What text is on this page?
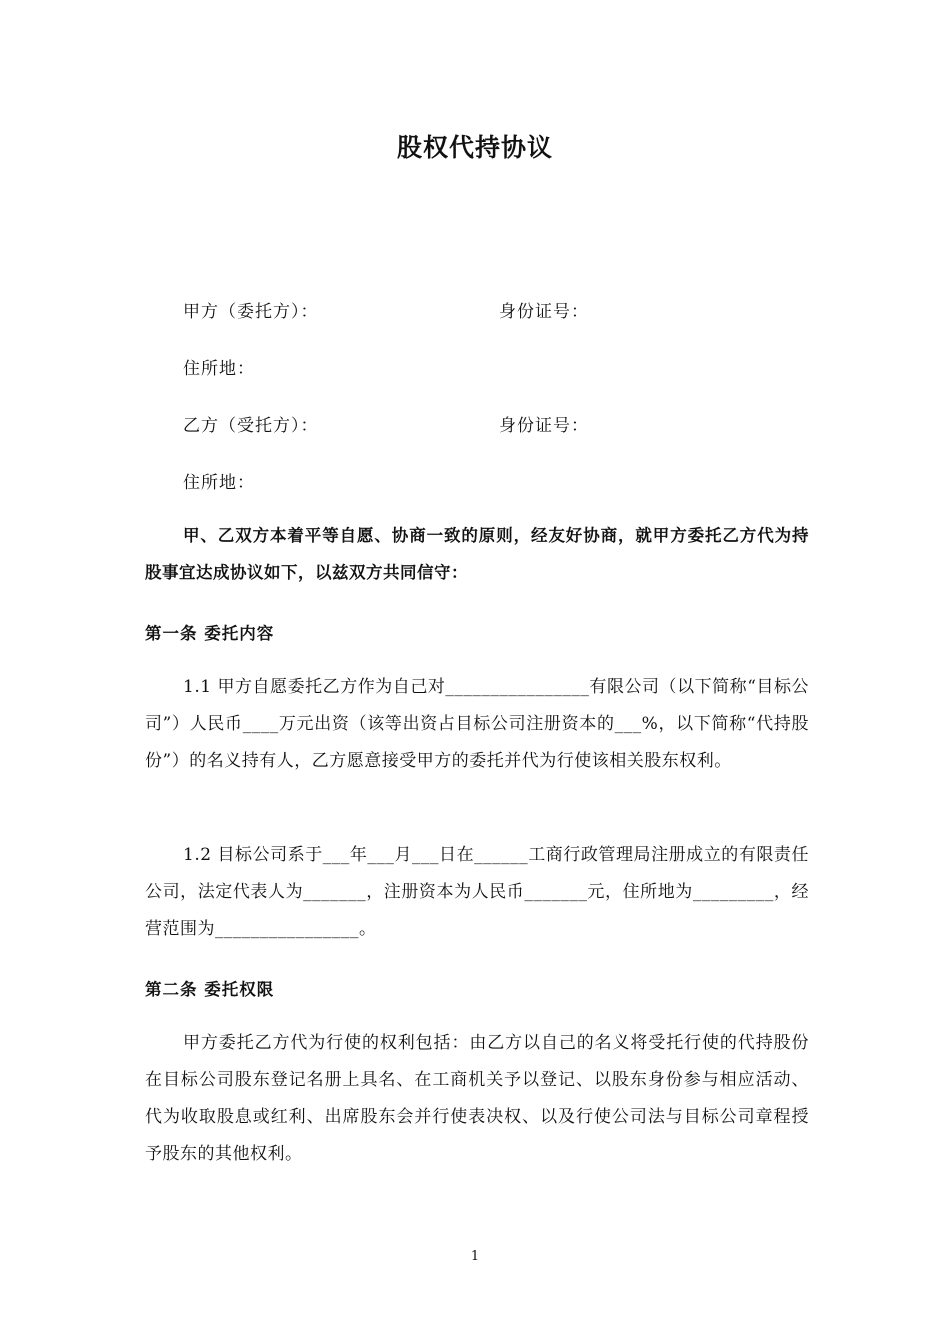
股权代持协议
甲方（委托方）：	身份证号：
住所地：
乙方（受托方）：	身份证号：
住所地：
甲、乙双方本着平等自愿、协商一致的原则，经友好协商，就甲方委托乙方代为持股事宜达成协议如下，以兹双方共同信守：
第一条 委托内容
1.1 甲方自愿委托乙方作为自己对________________有限公司（以下简称“目标公司”）人民币____万元出资（该等出资占目标公司注册资本的___%，以下简称“代持股份”）的名义持有人，乙方愿意接受甲方的委托并代为行使该相关股东权利。
1.2 目标公司系于___年___月___日在______工商行政管理局注册成立的有限责任公司，法定代表人为_______，注册资本为人民币_______元，住所地为_________，经营范围为________________。
第二条 委托权限
甲方委托乙方代为行使的权利包括：由乙方以自己的名义将受托行使的代持股份在目标公司股东登记名册上具名、在工商机关予以登记、以股东身份参与相应活动、代为收取股息或红利、出席股东会并行使表决权、以及行使公司法与目标公司章程授予股东的其他权利。
1
